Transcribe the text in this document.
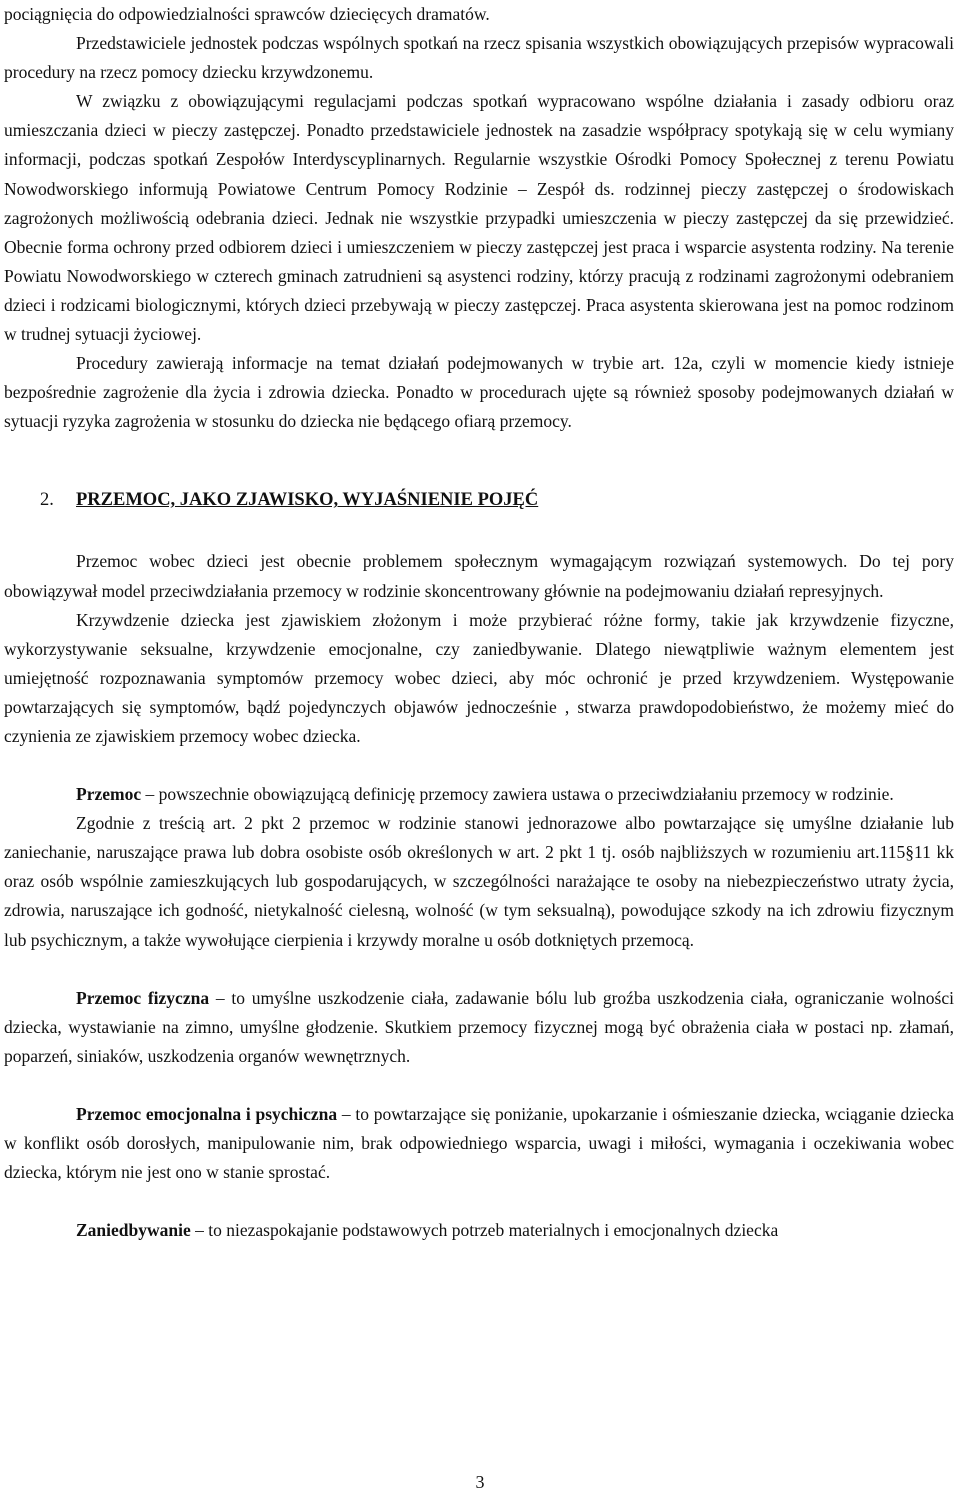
pociągnięcia do odpowiedzialności sprawców dziecięcych dramatów.

Przedstawiciele jednostek podczas wspólnych spotkań na rzecz spisania wszystkich obowiązujących przepisów wypracowali procedury na rzecz pomocy dziecku krzywdzonemu.

W związku z obowiązującymi regulacjami podczas spotkań wypracowano wspólne działania i zasady odbioru oraz umieszczania dzieci w pieczy zastępczej. Ponadto przedstawiciele jednostek na zasadzie współpracy spotykają się w celu wymiany informacji, podczas spotkań Zespołów Interdyscyplinarnych. Regularnie wszystkie Ośrodki Pomocy Społecznej z terenu Powiatu Nowodworskiego informują Powiatowe Centrum Pomocy Rodzinie – Zespół ds. rodzinnej pieczy zastępczej o środowiskach zagrożonych możliwością odebrania dzieci. Jednak nie wszystkie przypadki umieszczenia w pieczy zastępczej da się przewidzieć. Obecnie forma ochrony przed odbiorem dzieci i umieszczeniem w pieczy zastępczej jest praca i wsparcie asystenta rodziny. Na terenie Powiatu Nowodworskiego w czterech gminach zatrudnieni są asystenci rodziny, którzy pracują z rodzinami zagrożonymi odebraniem dzieci i rodzicami biologicznymi, których dzieci przebywają w pieczy zastępczej. Praca asystenta skierowana jest na pomoc rodzinom w trudnej sytuacji życiowej.

Procedury zawierają informacje na temat działań podejmowanych w trybie art. 12a, czyli w momencie kiedy istnieje bezpośrednie zagrożenie dla życia i zdrowia dziecka. Ponadto w procedurach ujęte są również sposoby podejmowanych działań w sytuacji ryzyka zagrożenia w stosunku do dziecka nie będącego ofiarą przemocy.

2.	PRZEMOC, JAKO ZJAWISKO, WYJAŚNIENIE POJĘĆ

Przemoc wobec dzieci jest obecnie problemem społecznym wymagającym rozwiązań systemowych. Do tej pory obowiązywał model przeciwdziałania przemocy w rodzinie skoncentrowany głównie na podejmowaniu działań represyjnych.

Krzywdzenie dziecka jest zjawiskiem złożonym i może przybierać różne formy, takie jak krzywdzenie fizyczne, wykorzystywanie seksualne, krzywdzenie emocjonalne, czy zaniedbywanie. Dlatego niewątpliwie ważnym elementem jest umiejętność rozpoznawania symptomów przemocy wobec dzieci, aby móc ochronić je przed krzywdzeniem. Występowanie powtarzających się symptomów, bądź pojedynczych objawów jednocześnie , stwarza prawdopodobieństwo, że możemy mieć do czynienia ze zjawiskiem przemocy wobec dziecka.

Przemoc – powszechnie obowiązującą definicję przemocy zawiera ustawa o przeciwdziałaniu przemocy w rodzinie.

Zgodnie z treścią art. 2 pkt 2 przemoc w rodzinie stanowi jednorazowe albo powtarzające się umyślne działanie lub zaniechanie, naruszające prawa lub dobra osobiste osób określonych w art. 2 pkt 1 tj. osób najbliższych w rozumieniu art.115§11 kk oraz osób wspólnie zamieszkujących lub gospodarujących, w szczególności narażające te osoby na niebezpieczeństwo utraty życia, zdrowia, naruszające ich godność, nietykalność cielesną, wolność (w tym seksualną), powodujące szkody na ich zdrowiu fizycznym lub psychicznym, a także wywołujące cierpienia i krzywdy moralne u osób dotkniętych przemocą.

Przemoc fizyczna – to umyślne uszkodzenie ciała, zadawanie bólu lub groźba uszkodzenia ciała, ograniczanie wolności dziecka, wystawianie na zimno, umyślne głodzenie. Skutkiem przemocy fizycznej mogą być obrażenia ciała w postaci np. złamań, poparzeń, siniaków, uszkodzenia organów wewnętrznych.

Przemoc emocjonalna i psychiczna – to powtarzające się poniżanie, upokarzanie i ośmieszanie dziecka, wciąganie dziecka w konflikt osób dorosłych, manipulowanie nim, brak odpowiedniego wsparcia, uwagi i miłości, wymagania i oczekiwania wobec dziecka, którym nie jest ono w stanie sprostać.

Zaniedbywanie – to niezaspokajanie podstawowych potrzeb materialnych i emocjonalnych dziecka

3
